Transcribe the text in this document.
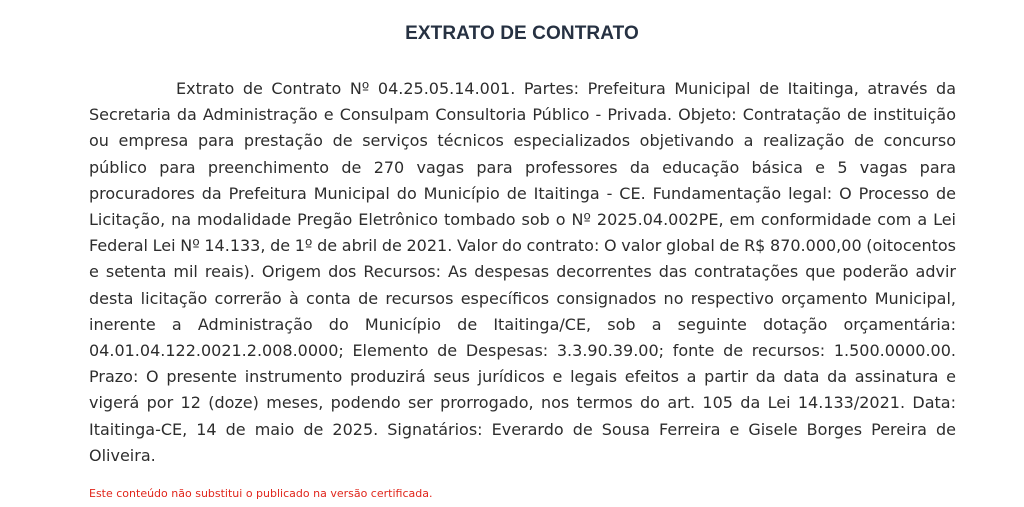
EXTRATO DE CONTRATO

Extrato de Contrato Nº 04.25.05.14.001. Partes: Prefeitura Municipal de Itaitinga, através da Secretaria da Administração e Consulpam Consultoria Público - Privada. Objeto: Contratação de instituição ou empresa para prestação de serviços técnicos especializados objetivando a realização de concurso público para preenchimento de 270 vagas para professores da educação básica e 5 vagas para procuradores da Prefeitura Municipal do Município de Itaitinga - CE. Fundamentação legal: O Processo de Licitação, na modalidade Pregão Eletrônico tombado sob o Nº 2025.04.002PE, em conformidade com a Lei Federal Lei Nº 14.133, de 1º de abril de 2021. Valor do contrato: O valor global de R$ 870.000,00 (oitocentos e setenta mil reais). Origem dos Recursos: As despesas decorrentes das contratações que poderão advir desta licitação correrão à conta de recursos específicos consignados no respectivo orçamento Municipal, inerente a Administração do Município de Itaitinga/CE, sob a seguinte dotação orçamentária: 04.01.04.122.0021.2.008.0000; Elemento de Despesas: 3.3.90.39.00; fonte de recursos: 1.500.0000.00. Prazo: O presente instrumento produzirá seus jurídicos e legais efeitos a partir da data da assinatura e vigerá por 12 (doze) meses, podendo ser prorrogado, nos termos do art. 105 da Lei 14.133/2021. Data: Itaitinga-CE, 14 de maio de 2025. Signatários: Everardo de Sousa Ferreira e Gisele Borges Pereira de Oliveira.

Este conteúdo não substitui o publicado na versão certificada.
